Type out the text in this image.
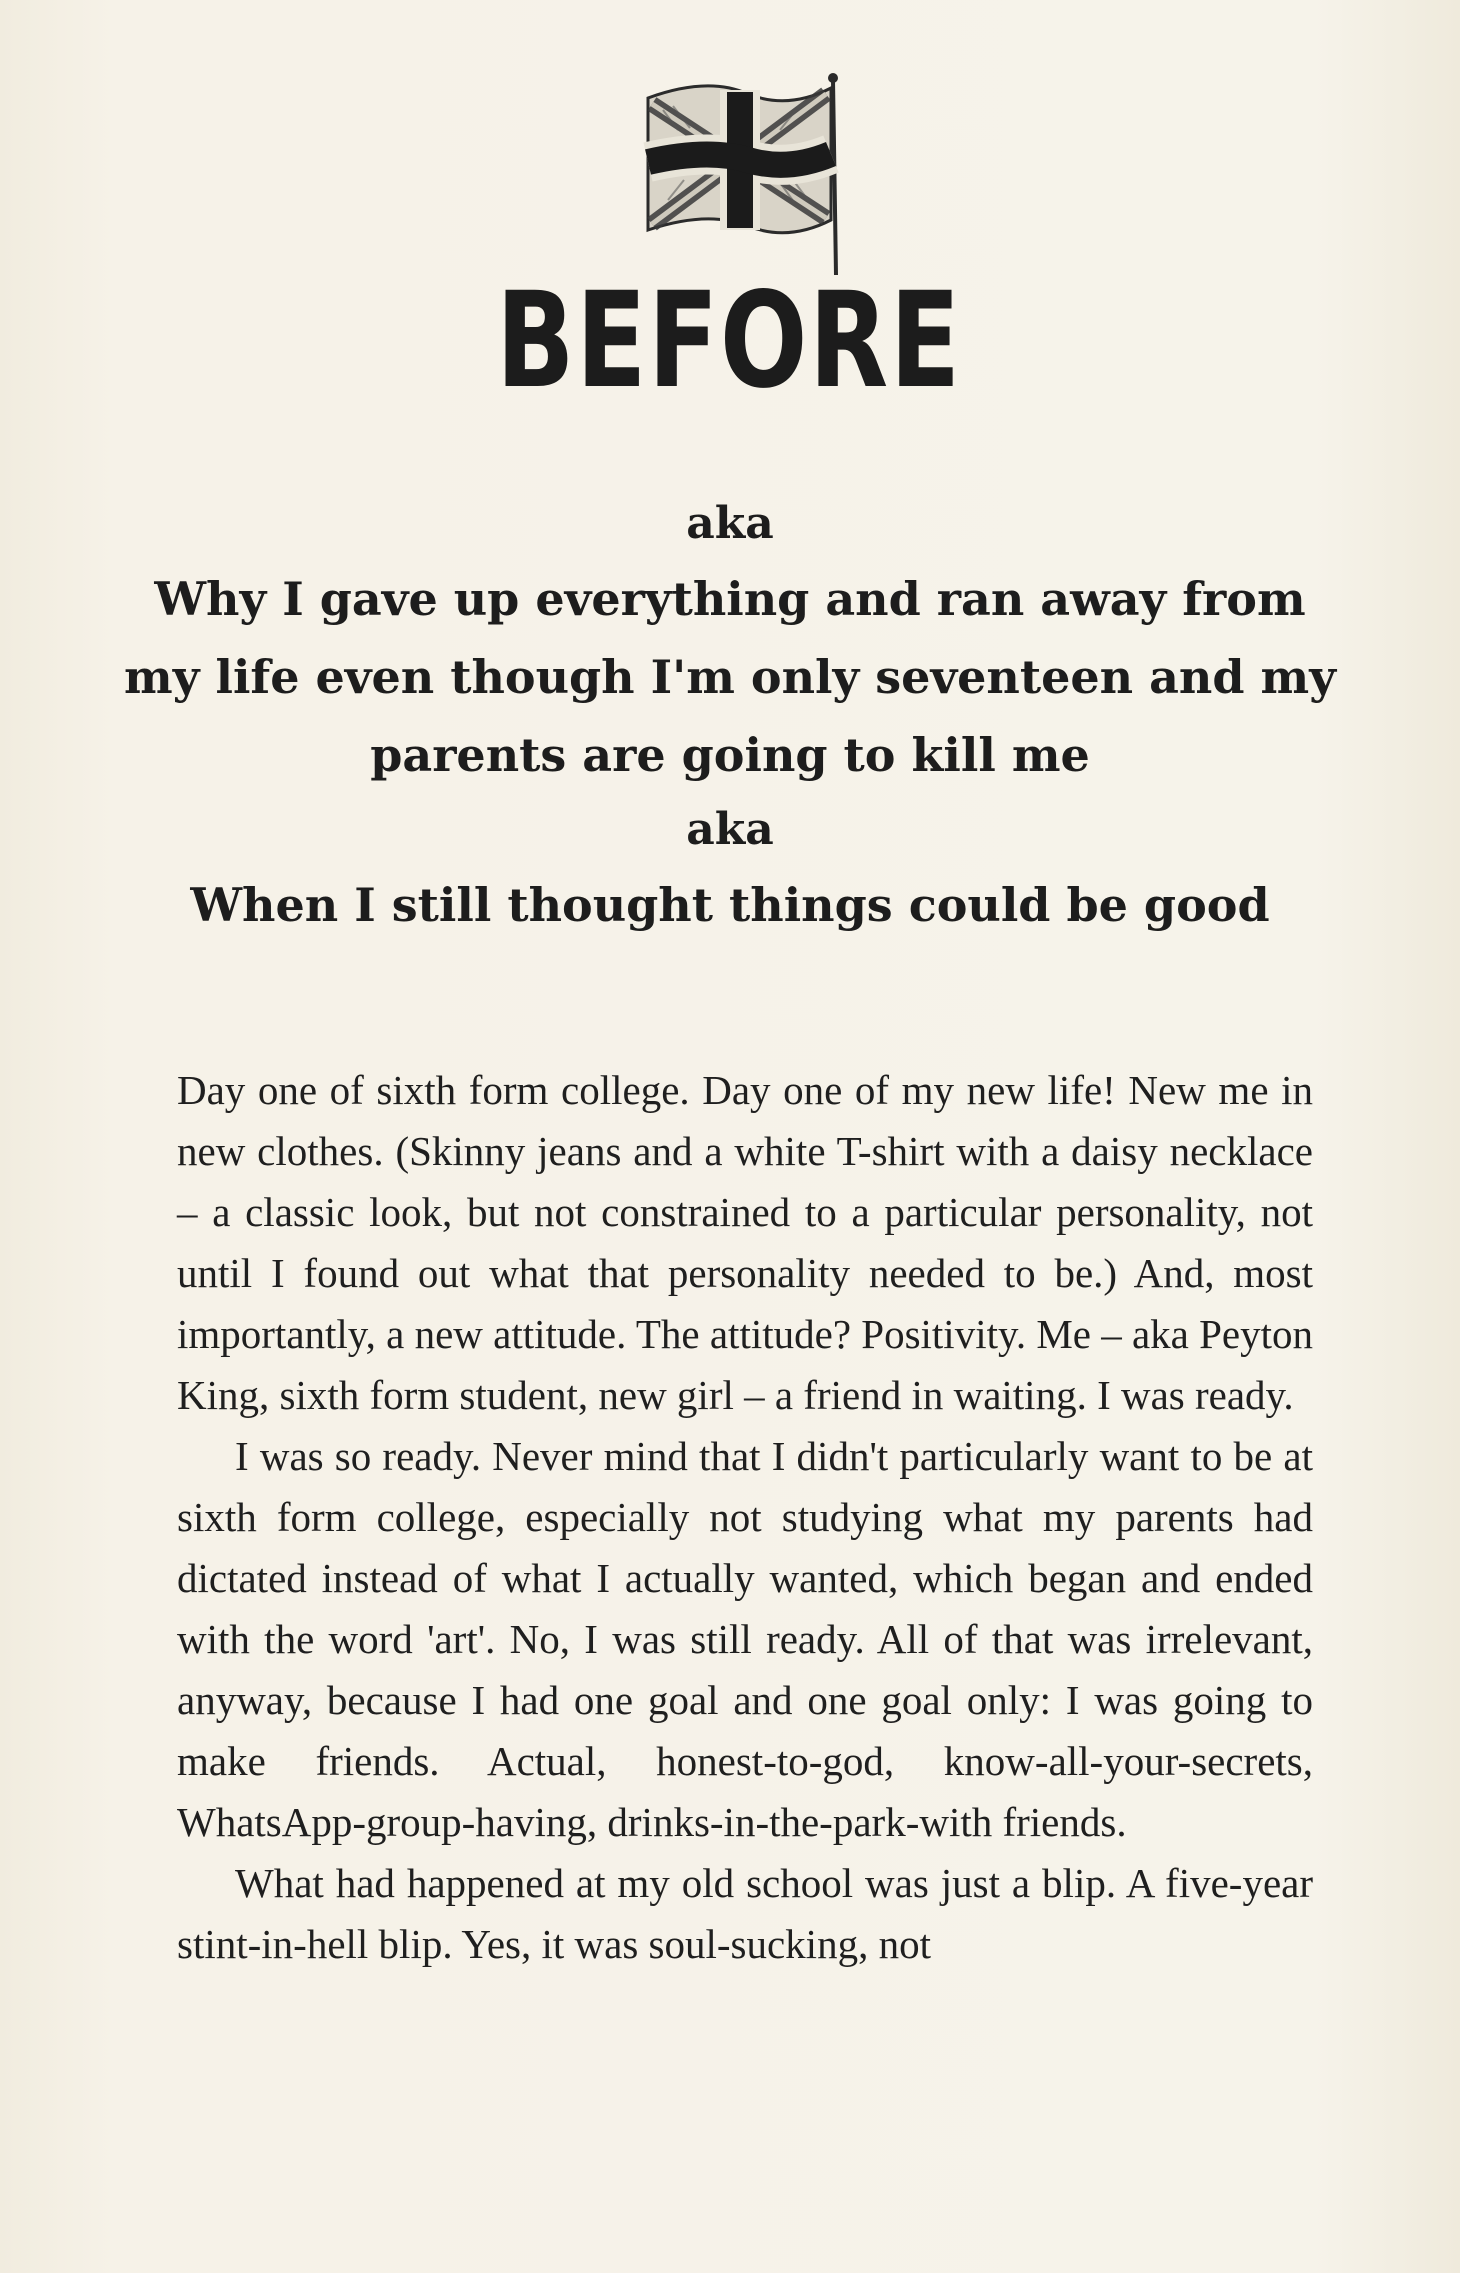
BEFORE

aka

Why I gave up everything and ran away from my life even though I'm only seventeen and my parents are going to kill me

aka

When I still thought things could be good

Day one of sixth form college. Day one of my new life! New me in new clothes. (Skinny jeans and a white T-shirt with a daisy necklace – a classic look, but not constrained to a particular personality, not until I found out what that personality needed to be.) And, most importantly, a new attitude. The attitude? Positivity. Me – aka Peyton King, sixth form student, new girl – a friend in waiting. I was ready.

I was so ready. Never mind that I didn't particularly want to be at sixth form college, especially not studying what my parents had dictated instead of what I actually wanted, which began and ended with the word 'art'. No, I was still ready. All of that was irrelevant, anyway, because I had one goal and one goal only: I was going to make friends. Actual, honest-to-god, know-all-your-secrets, WhatsApp-group-having, drinks-in-the-park-with friends.

What had happened at my old school was just a blip. A five-year stint-in-hell blip. Yes, it was soul-sucking, not
